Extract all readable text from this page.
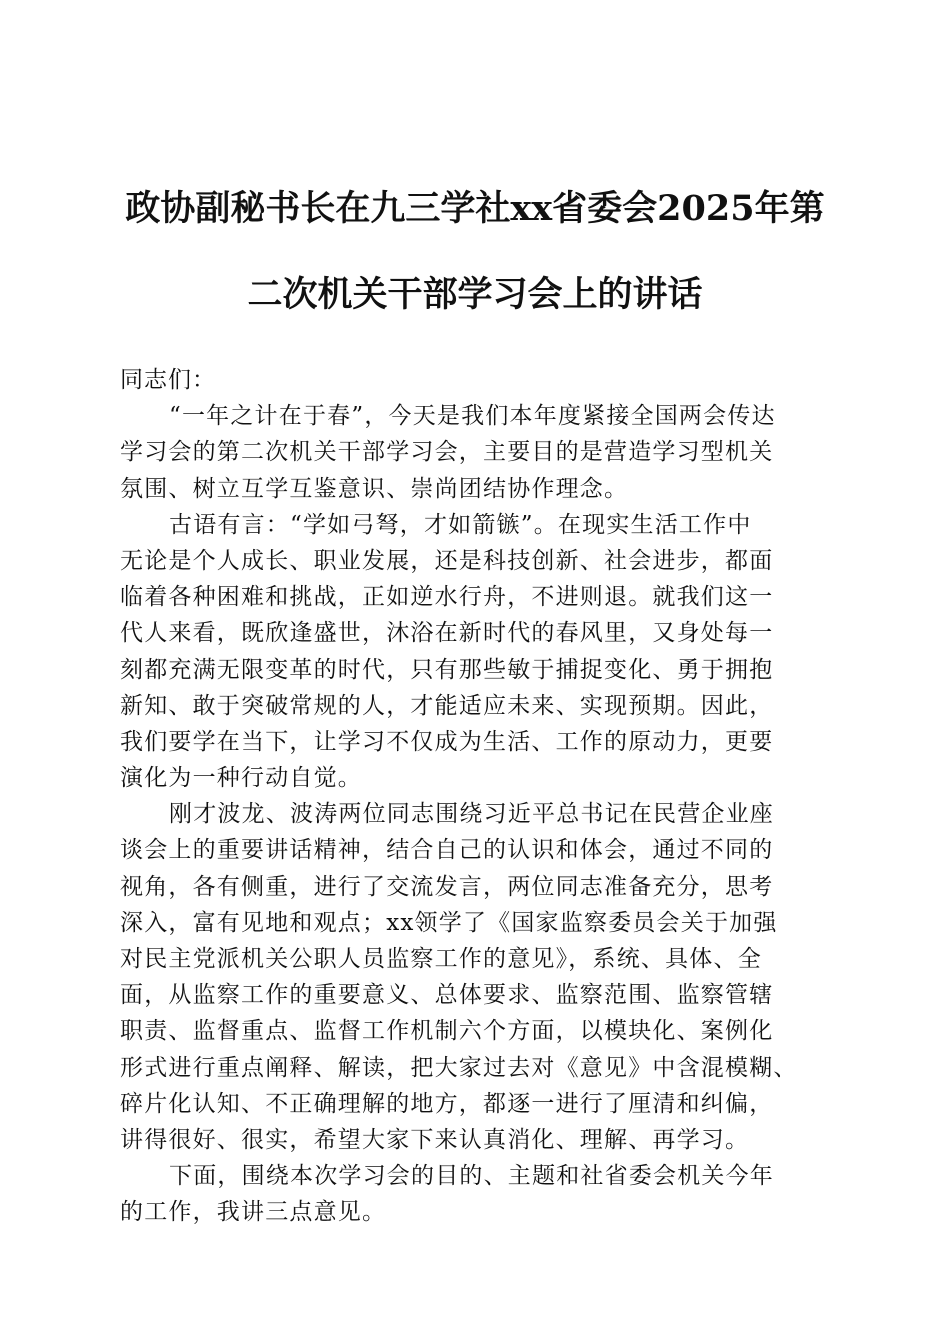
政协副秘书长在九三学社xx省委会2025年第
二次机关干部学习会上的讲话
同志们：
“一年之计在于春”，今天是我们本年度紧接全国两会传达
学习会的第二次机关干部学习会，主要目的是营造学习型机关
氛围、树立互学互鉴意识、崇尚团结协作理念。
古语有言：“学如弓弩，才如箭镞”。在现实生活工作中
无论是个人成长、职业发展，还是科技创新、社会进步，都面
临着各种困难和挑战，正如逆水行舟，不进则退。就我们这一
代人来看，既欣逢盛世，沐浴在新时代的春风里，又身处每一
刻都充满无限变革的时代，只有那些敏于捕捉变化、勇于拥抱
新知、敢于突破常规的人，才能适应未来、实现预期。因此，
我们要学在当下，让学习不仅成为生活、工作的原动力，更要
演化为一种行动自觉。
刚才波龙、波涛两位同志围绕习近平总书记在民营企业座
谈会上的重要讲话精神，结合自己的认识和体会，通过不同的
视角，各有侧重，进行了交流发言，两位同志准备充分，思考
深入，富有见地和观点；xx领学了《国家监察委员会关于加强
对民主党派机关公职人员监察工作的意见》，系统、具体、全
面，从监察工作的重要意义、总体要求、监察范围、监察管辖
职责、监督重点、监督工作机制六个方面，以模块化、案例化
形式进行重点阐释、解读，把大家过去对《意见》中含混模糊、
碎片化认知、不正确理解的地方，都逐一进行了厘清和纠偏，
讲得很好、很实，希望大家下来认真消化、理解、再学习。
下面，围绕本次学习会的目的、主题和社省委会机关今年
的工作，我讲三点意见。
